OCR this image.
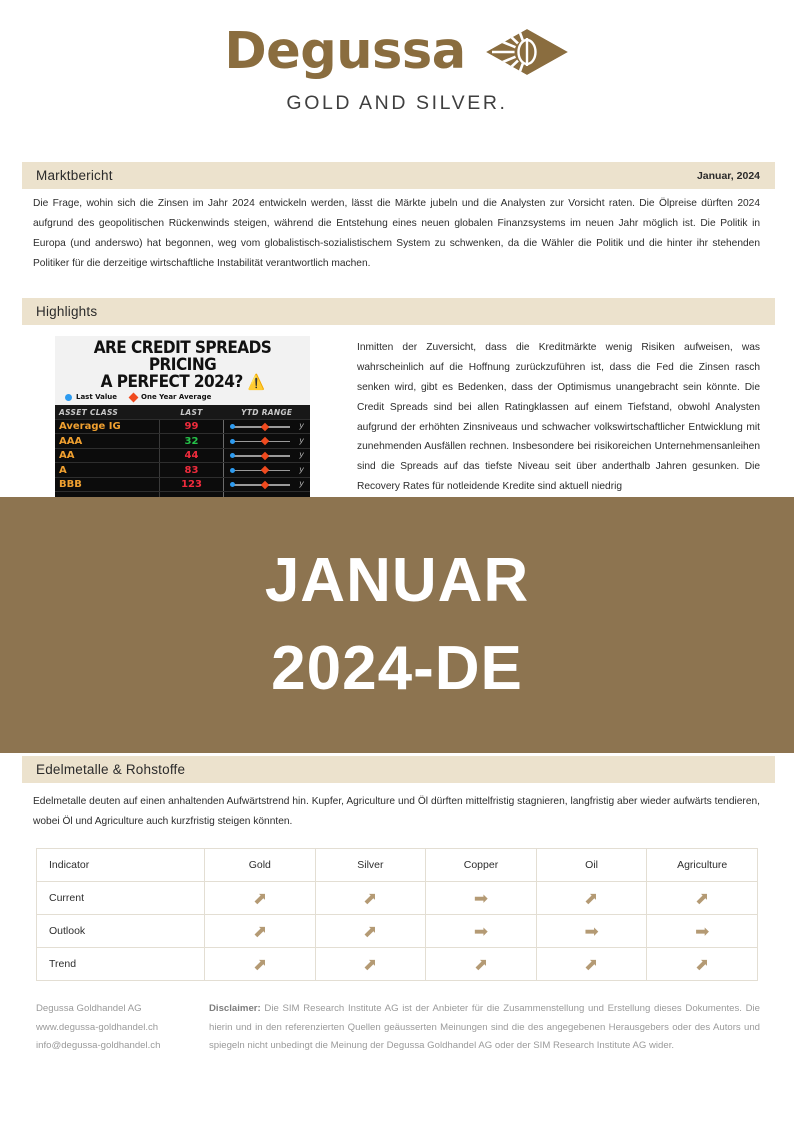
Degussa
GOLD AND SILVER.
Marktbericht	Januar, 2024
Die Frage, wohin sich die Zinsen im Jahr 2024 entwickeln werden, lässt die Märkte jubeln und die Analysten zur Vorsicht raten. Die Ölpreise dürften 2024 aufgrund des geopolitischen Rückenwinds steigen, während die Entstehung eines neuen globalen Finanzsystems im neuen Jahr möglich ist. Die Politik in Europa (und anderswo) hat begonnen, weg vom globalistisch-sozialistischem System zu schwenken, da die Wähler die Politik und die hinter ihr stehenden Politiker für die derzeitige wirtschaftliche Instabilität verantwortlich machen.
Highlights
ARE CREDIT SPREADS PRICING
A PERFECT 2024? ⚠️
Last Value	One Year Average
ASSET CLASS	LAST	YTD RANGE
Average IG	99	y

AAA	32	y

AA	44	y

A	83	y

BBB	123	y

Inmitten der Zuversicht, dass die Kreditmärkte wenig Risiken aufweisen, was wahrscheinlich auf die Hoffnung zurückzuführen ist, dass die Fed die Zinsen rasch senken wird, gibt es Bedenken, dass der Optimismus unangebracht sein könnte. Die Credit Spreads sind bei allen Ratingklassen auf einem Tiefstand, obwohl Analysten aufgrund der erhöhten Zinsniveaus und schwacher volkswirtschaftlicher Entwicklung mit zunehmenden Ausfällen rechnen. Insbesondere bei risikoreichen Unternehmensanleihen sind die Spreads auf das tiefste Niveau seit über anderthalb Jahren gesunken. Die Recovery Rates für notleidende Kredite sind aktuell niedrig
JANUAR
2024-DE
Edelmetalle & Rohstoffe
Edelmetalle deuten auf einen anhaltenden Aufwärtstrend hin. Kupfer, Agriculture und Öl dürften mittelfristig stagnieren, langfristig aber wieder aufwärts tendieren, wobei Öl und Agriculture auch kurzfristig steigen könnten.
Indicator	Gold	Silver	Copper	Oil	Agriculture
Current	➡	➡	➡	➡	➡
Outlook	➡	➡	➡	➡	➡
Trend	➡	➡	➡	➡	➡
Degussa Goldhandel AG
www.degussa-goldhandel.ch
info@degussa-goldhandel.ch
Disclaimer: Die SIM Research Institute AG ist der Anbieter für die Zusammenstellung und Erstellung dieses Dokumentes. Die hierin und in den referenzierten Quellen geäusserten Meinungen sind die des angegebenen Herausgebers oder des Autors und spiegeln nicht unbedingt die Meinung der Degussa Goldhandel AG oder der SIM Research Institute AG wider.
